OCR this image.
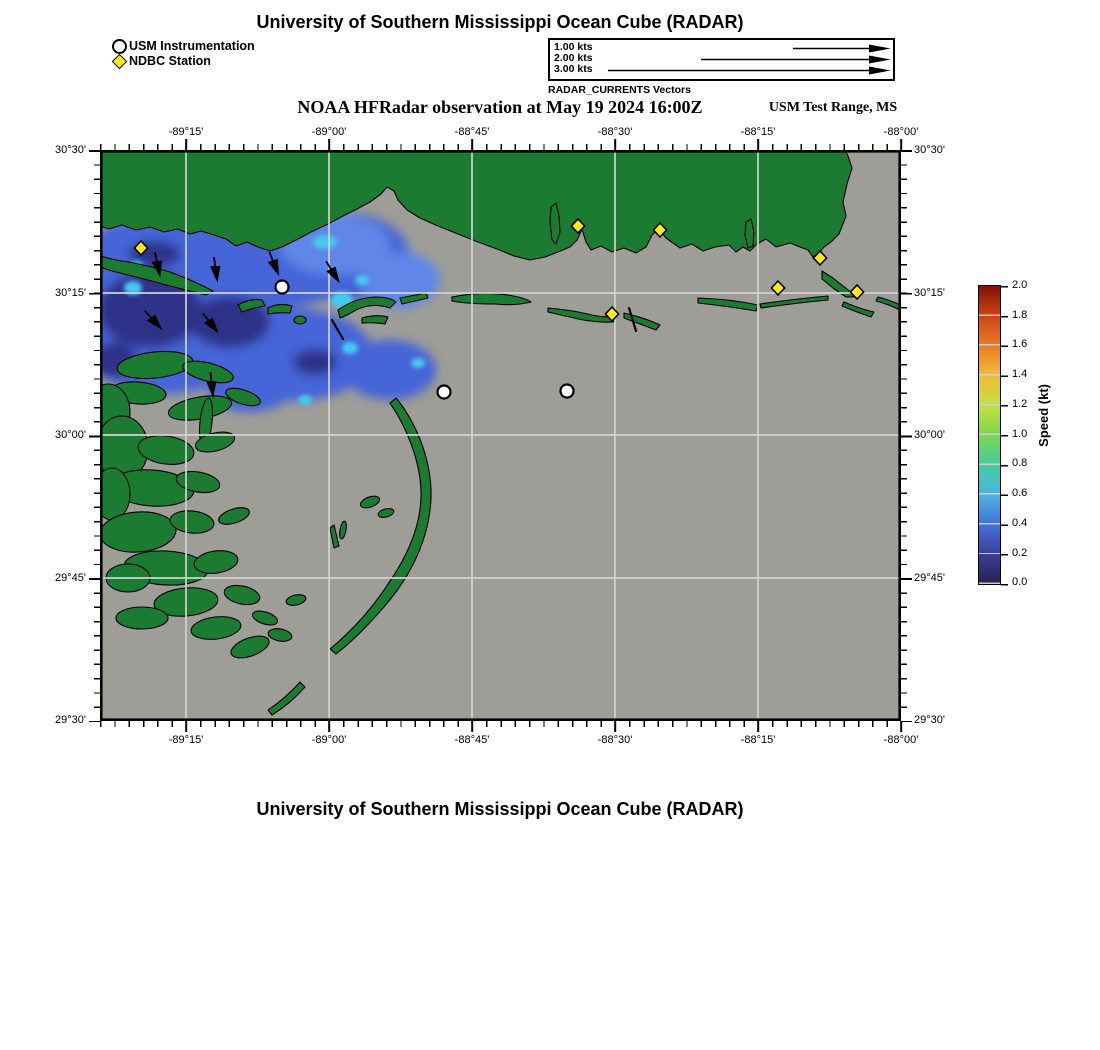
University of Southern Mississippi Ocean Cube (RADAR)
USM Instrumentation
NDBC Station
1.00 kts
2.00 kts
3.00 kts
RADAR_CURRENTS Vectors
NOAA HFRadar observation at May 19 2024 16:00Z	USM Test Range, MS
-89°15'	-89°00'	-88°45'	-88°30'	-88°15'	-88°00'
-89°15'	-89°00'	-88°45'	-88°30'	-88°15'	-88°00'
30°30'
30°15'
30°00'
29°45'
29°30'
30°30'
30°15'
30°00'
29°45'
29°30'
2.0
1.8
1.6
1.4
1.2
1.0
0.8
0.6
0.4
0.2
0.0
Speed (kt)
University of Southern Mississippi Ocean Cube (RADAR)
